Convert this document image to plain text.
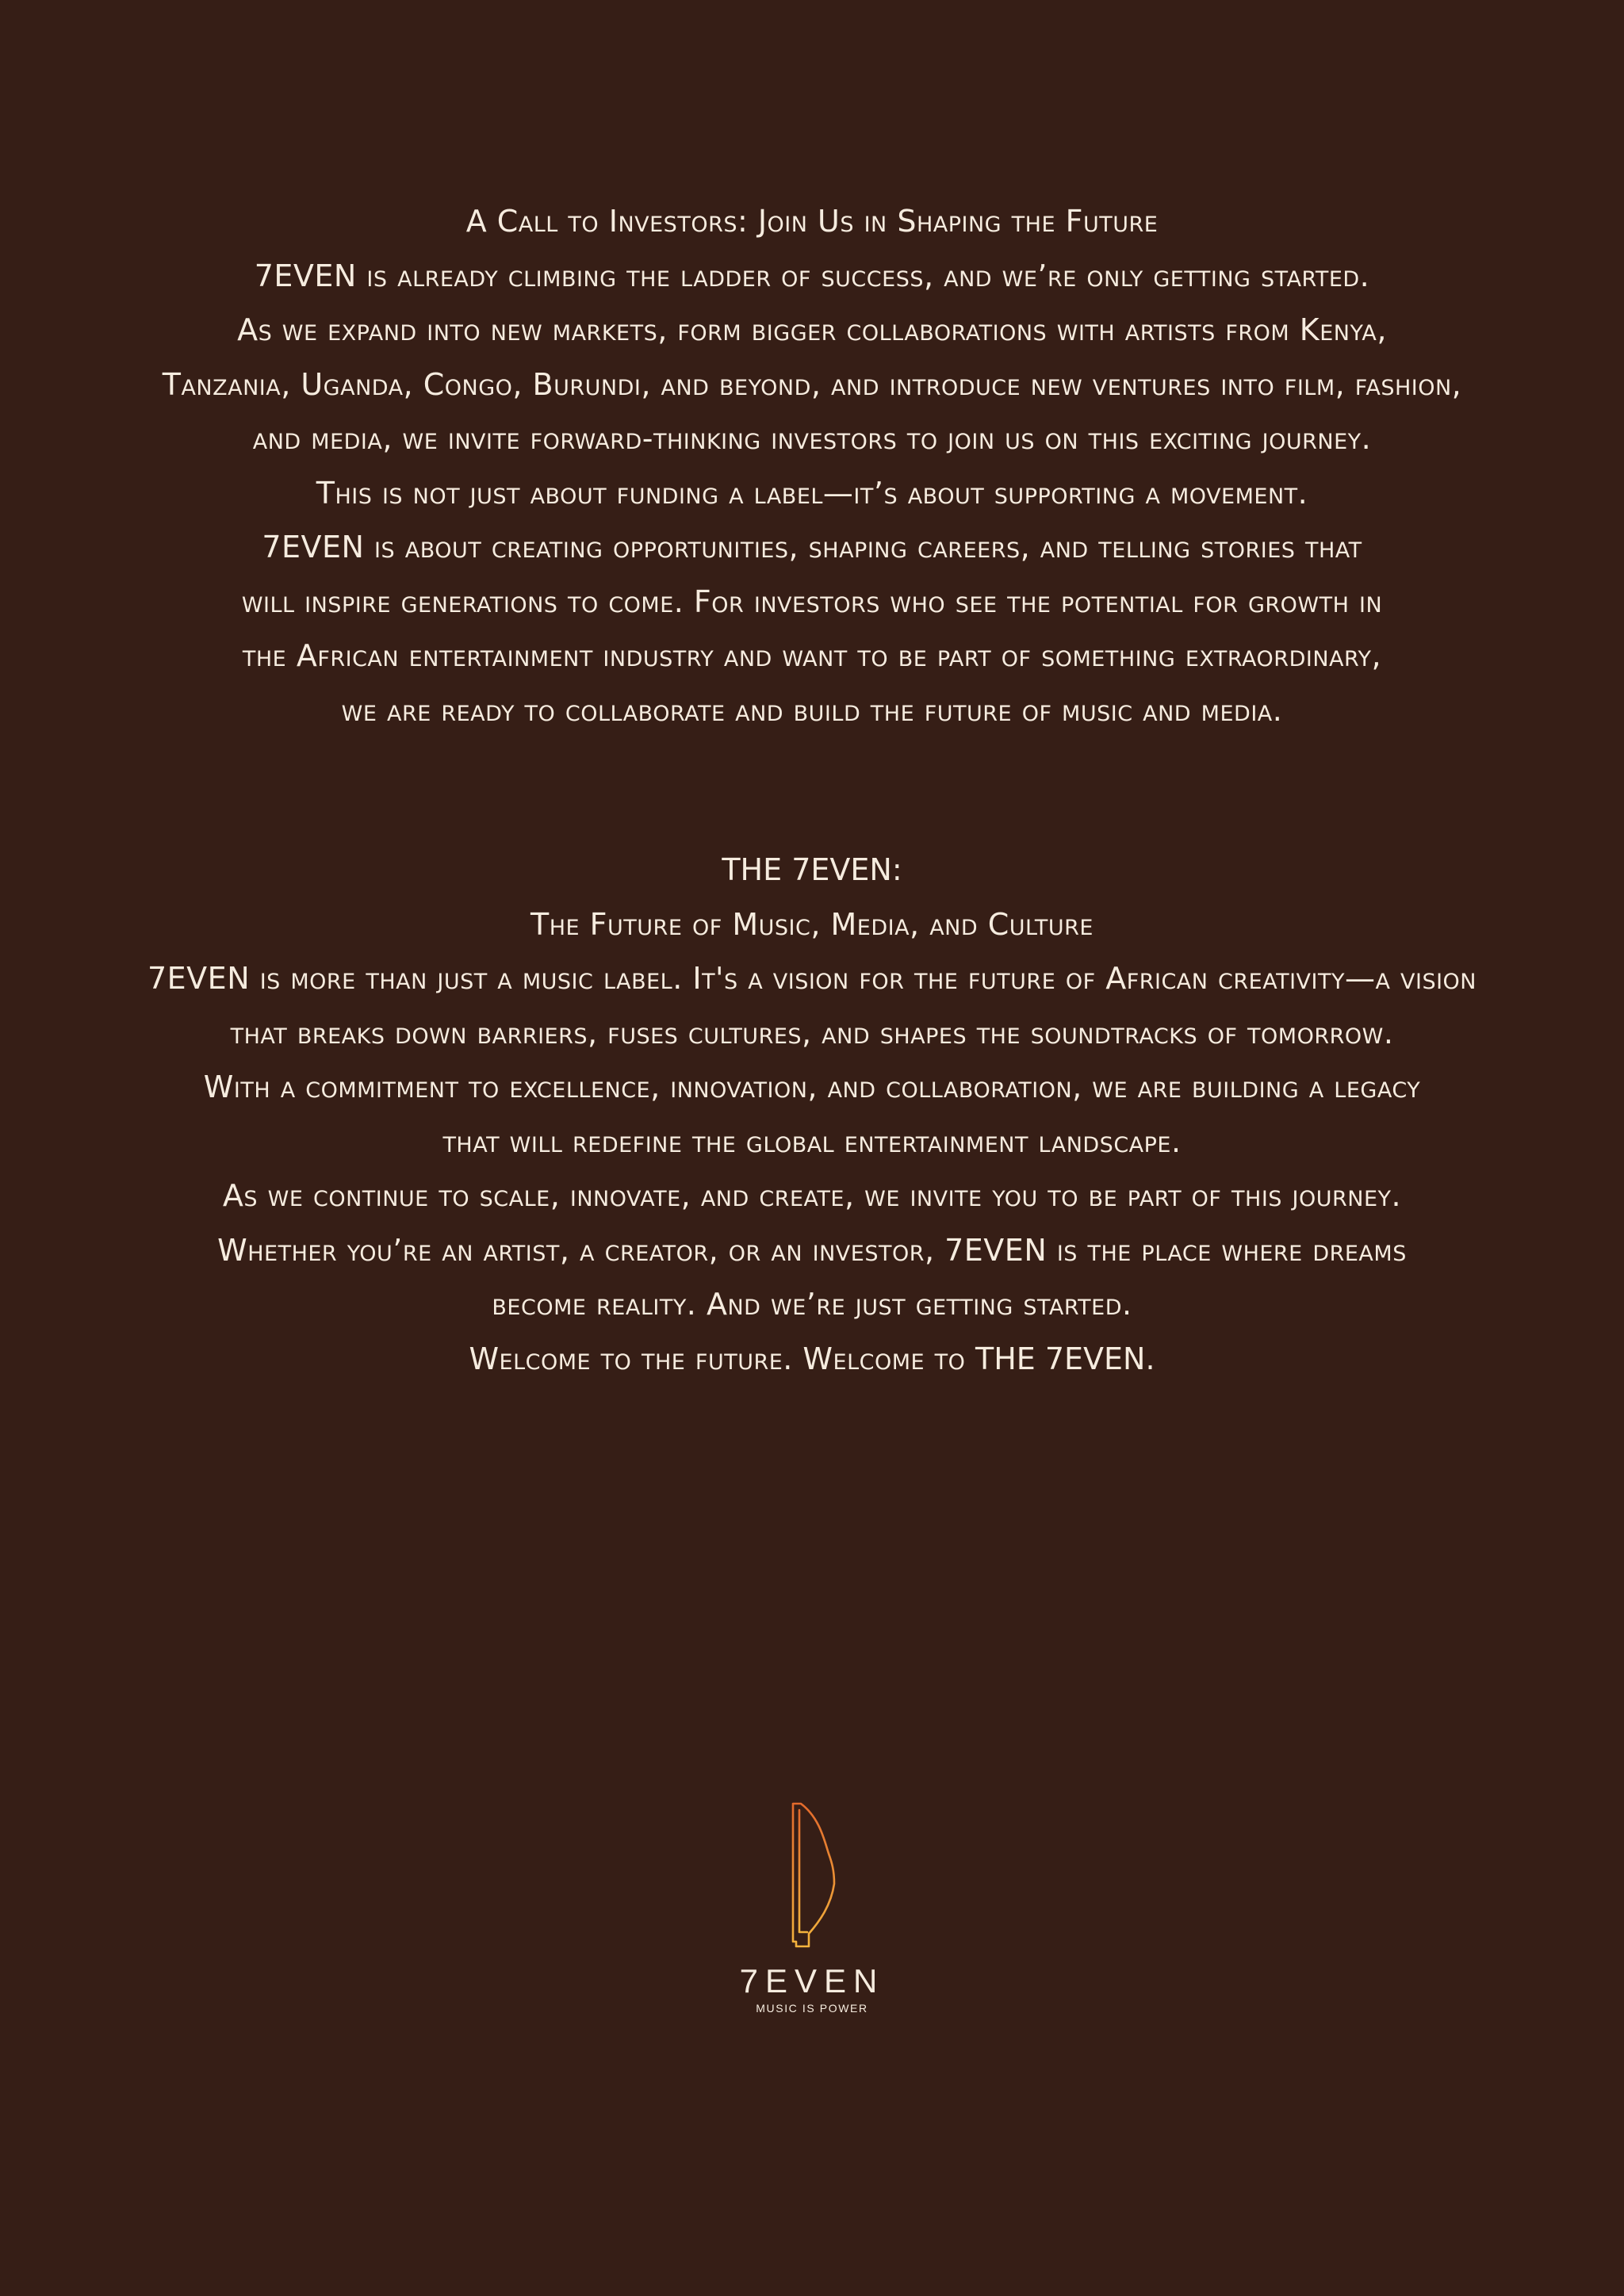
A Call to Investors: Join Us in Shaping the Future
7EVEN is already climbing the ladder of success, and we’re only getting started.
As we expand into new markets, form bigger collaborations with artists from Kenya,
Tanzania, Uganda, Congo, Burundi, and beyond, and introduce new ventures into film, fashion,
and media, we invite forward-thinking investors to join us on this exciting journey.
This is not just about funding a label—it’s about supporting a movement.
7EVEN is about creating opportunities, shaping careers, and telling stories that
will inspire generations to come. For investors who see the potential for growth in
the African entertainment industry and want to be part of something extraordinary,
we are ready to collaborate and build the future of music and media.
THE 7EVEN:
The Future of Music, Media, and Culture
7EVEN is more than just a music label. It's a vision for the future of African creativity—a vision
that breaks down barriers, fuses cultures, and shapes the soundtracks of tomorrow.
With a commitment to excellence, innovation, and collaboration, we are building a legacy
that will redefine the global entertainment landscape.
As we continue to scale, innovate, and create, we invite you to be part of this journey.
Whether you’re an artist, a creator, or an investor, 7EVEN is the place where dreams
become reality. And we’re just getting started.
Welcome to the future. Welcome to THE 7EVEN.
7EVEN
MUSIC IS POWER
